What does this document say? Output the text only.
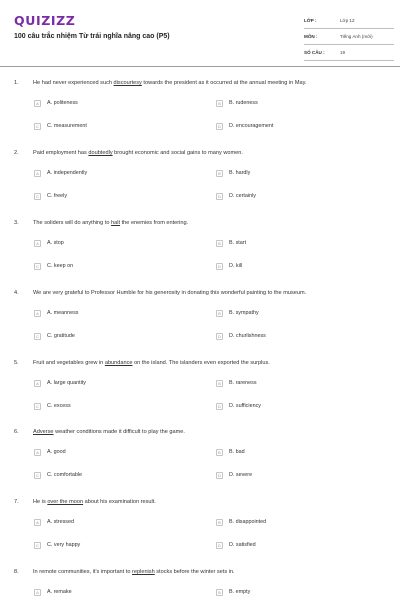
QUIZIZZ
100 câu trắc nhiệm Từ trái nghĩa nâng cao (P5)
LỚP :	Lớp 12
MÔN :	Tiếng Anh (mới)
SỐ CÂU :	19
1.	He had never experienced such discourtesy towards the president as it occurred at the annual meeting in May.
A	A. politeness	B	B. rudeness
C	C. measurement	D	D. encouragement
2.	Paid employment has doubtedly brought economic and social gains to many women.
A	A. independently	B	B. hardly
C	C. freely	D	D. certainly
3.	The soliders will do anything to halt the enemies from entering.
A	A. stop	B	B. start
C	C. keep on	D	D. kill
4.	We are very grateful to Professor Humble for his generosity in donating this wonderful painting to the museum.
A	A. meanness	B	B. sympathy
C	C. gratitude	D	D. churlishness
5.	Fruit and vegetables grew in abundance on the island. The islanders even exported the surplus.
A	A. large quantity	B	B. rareness
C	C. excess	D	D. sufficiency
6.	Adverse weather conditions made it difficult to play the game.
A	A. good	B	B. bad
C	C. comfortable	D	D. severe
7.	He is over the moon about his examination result.
A	A. stressed	B	B. disappointed
C	C. very happy	D	D. satisfied
8.	In remote communities, it's important to replenish stocks before the winter sets in.
A	A. remake	B	B. empty
